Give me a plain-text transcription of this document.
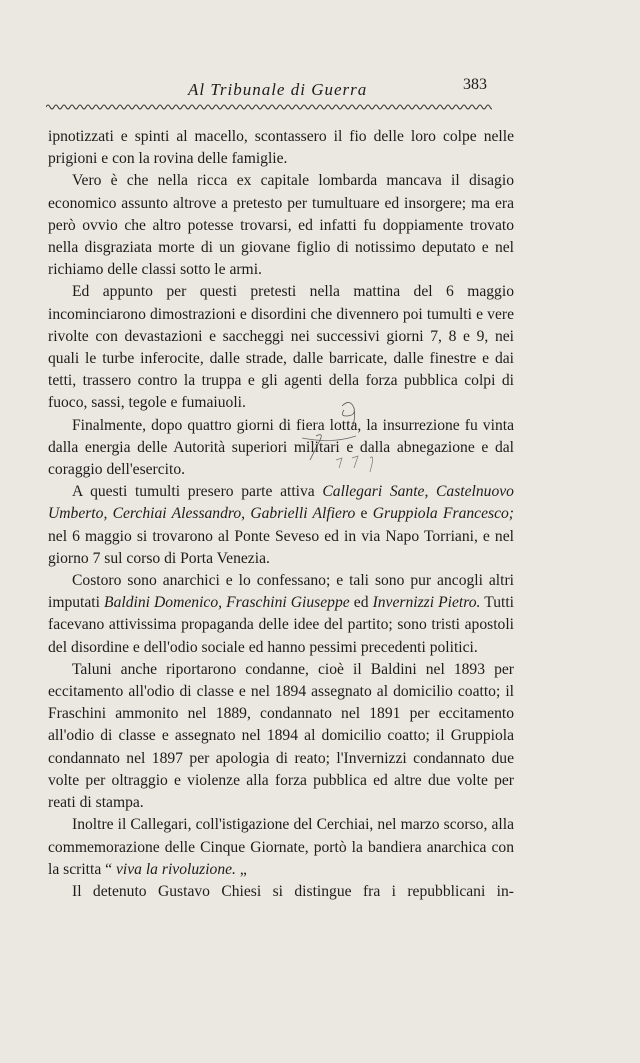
Al Tribunale di Guerra	383

ipnotizzati e spinti al macello, scontassero il fio delle loro colpe nelle prigioni e con la rovina delle famiglie.

Vero è che nella ricca ex capitale lombarda mancava il disagio economico assunto altrove a pretesto per tumultuare ed insorgere; ma era però ovvio che altro potesse trovarsi, ed infatti fu doppiamente trovato nella disgraziata morte di un giovane figlio di notissimo deputato e nel richiamo delle classi sotto le armi.

Ed appunto per questi pretesti nella mattina del 6 maggio incominciarono dimostrazioni e disordini che divennero poi tumulti e vere rivolte con devastazioni e saccheggi nei successivi giorni 7, 8 e 9, nei quali le turbe inferocite, dalle strade, dalle barricate, dalle finestre e dai tetti, trassero contro la truppa e gli agenti della forza pubblica colpi di fuoco, sassi, tegole e fumaiuoli.

Finalmente, dopo quattro giorni di fiera lotta, la insurrezione fu vinta dalla energia delle Autorità superiori militari e dalla abnegazione e dal coraggio dell'esercito.

A questi tumulti presero parte attiva Callegari Sante, Castelnuovo Umberto, Cerchiai Alessandro, Gabrielli Alfiero e Gruppiola Francesco; nel 6 maggio si trovarono al Ponte Seveso ed in via Napo Torriani, e nel giorno 7 sul corso di Porta Venezia.

Costoro sono anarchici e lo confessano; e tali sono pur ancogli altri imputati Baldini Domenico, Fraschini Giuseppe ed Invernizzi Pietro. Tutti facevano attivissima propaganda delle idee del partito; sono tristi apostoli del disordine e dell'odio sociale ed hanno pessimi precedenti politici.

Taluni anche riportarono condanne, cioè il Baldini nel 1893 per eccitamento all'odio di classe e nel 1894 assegnato al domicilio coatto; il Fraschini ammonito nel 1889, condannato nel 1891 per eccitamento all'odio di classe e assegnato nel 1894 al domicilio coatto; il Gruppiola condannato nel 1897 per apologia di reato; l'Invernizzi condannato due volte per oltraggio e violenze alla forza pubblica ed altre due volte per reati di stampa.

Inoltre il Callegari, coll'istigazione del Cerchiai, nel marzo scorso, alla commemorazione delle Cinque Giornate, portò la bandiera anarchica con la scritta “ viva la rivoluzione. „

Il detenuto Gustavo Chiesi si distingue fra i repubblicani in-
